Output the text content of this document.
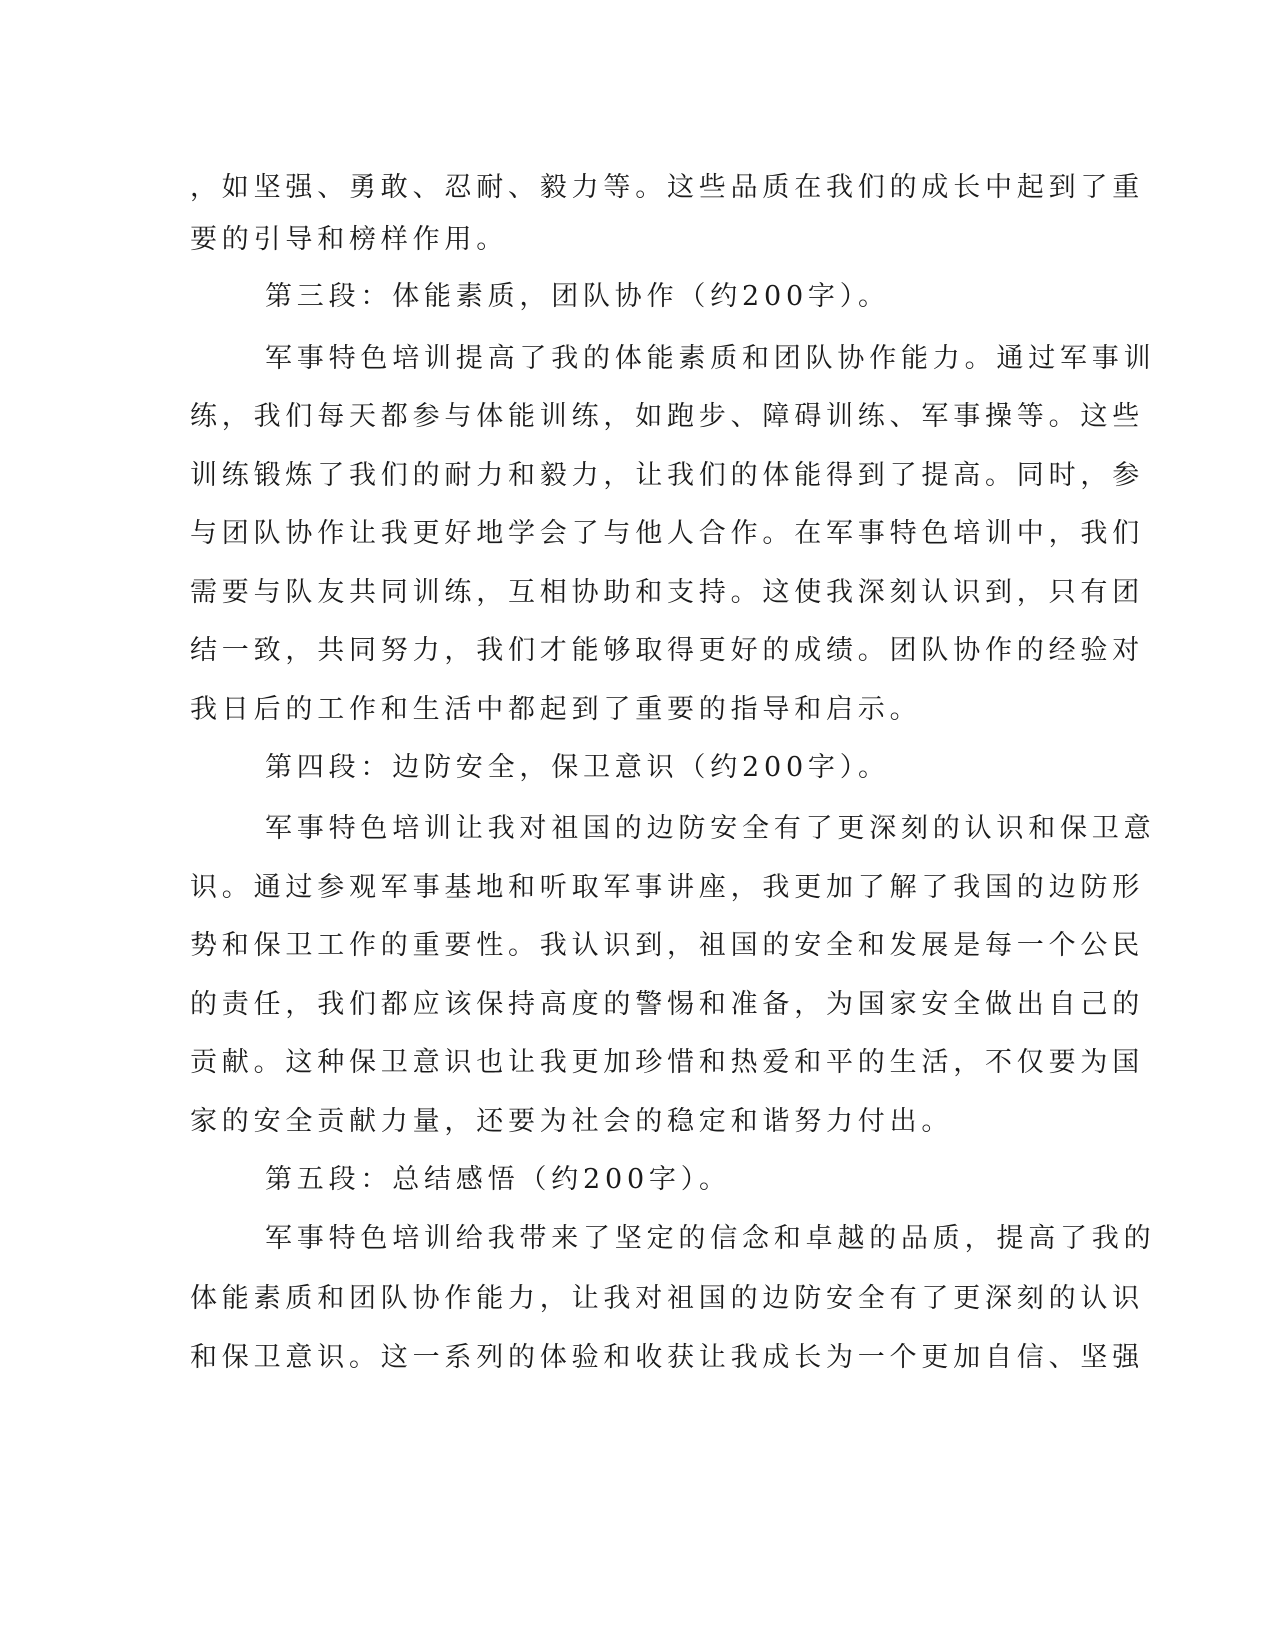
，如坚强、勇敢、忍耐、毅力等。这些品质在我们的成长中起到了重
要的引导和榜样作用。
第三段：体能素质，团队协作（约200字）。
军事特色培训提高了我的体能素质和团队协作能力。通过军事训
练，我们每天都参与体能训练，如跑步、障碍训练、军事操等。这些
训练锻炼了我们的耐力和毅力，让我们的体能得到了提高。同时，参
与团队协作让我更好地学会了与他人合作。在军事特色培训中，我们
需要与队友共同训练，互相协助和支持。这使我深刻认识到，只有团
结一致，共同努力，我们才能够取得更好的成绩。团队协作的经验对
我日后的工作和生活中都起到了重要的指导和启示。
第四段：边防安全，保卫意识（约200字）。
军事特色培训让我对祖国的边防安全有了更深刻的认识和保卫意
识。通过参观军事基地和听取军事讲座，我更加了解了我国的边防形
势和保卫工作的重要性。我认识到，祖国的安全和发展是每一个公民
的责任，我们都应该保持高度的警惕和准备，为国家安全做出自己的
贡献。这种保卫意识也让我更加珍惜和热爱和平的生活，不仅要为国
家的安全贡献力量，还要为社会的稳定和谐努力付出。
第五段：总结感悟（约200字）。
军事特色培训给我带来了坚定的信念和卓越的品质，提高了我的
体能素质和团队协作能力，让我对祖国的边防安全有了更深刻的认识
和保卫意识。这一系列的体验和收获让我成长为一个更加自信、坚强
